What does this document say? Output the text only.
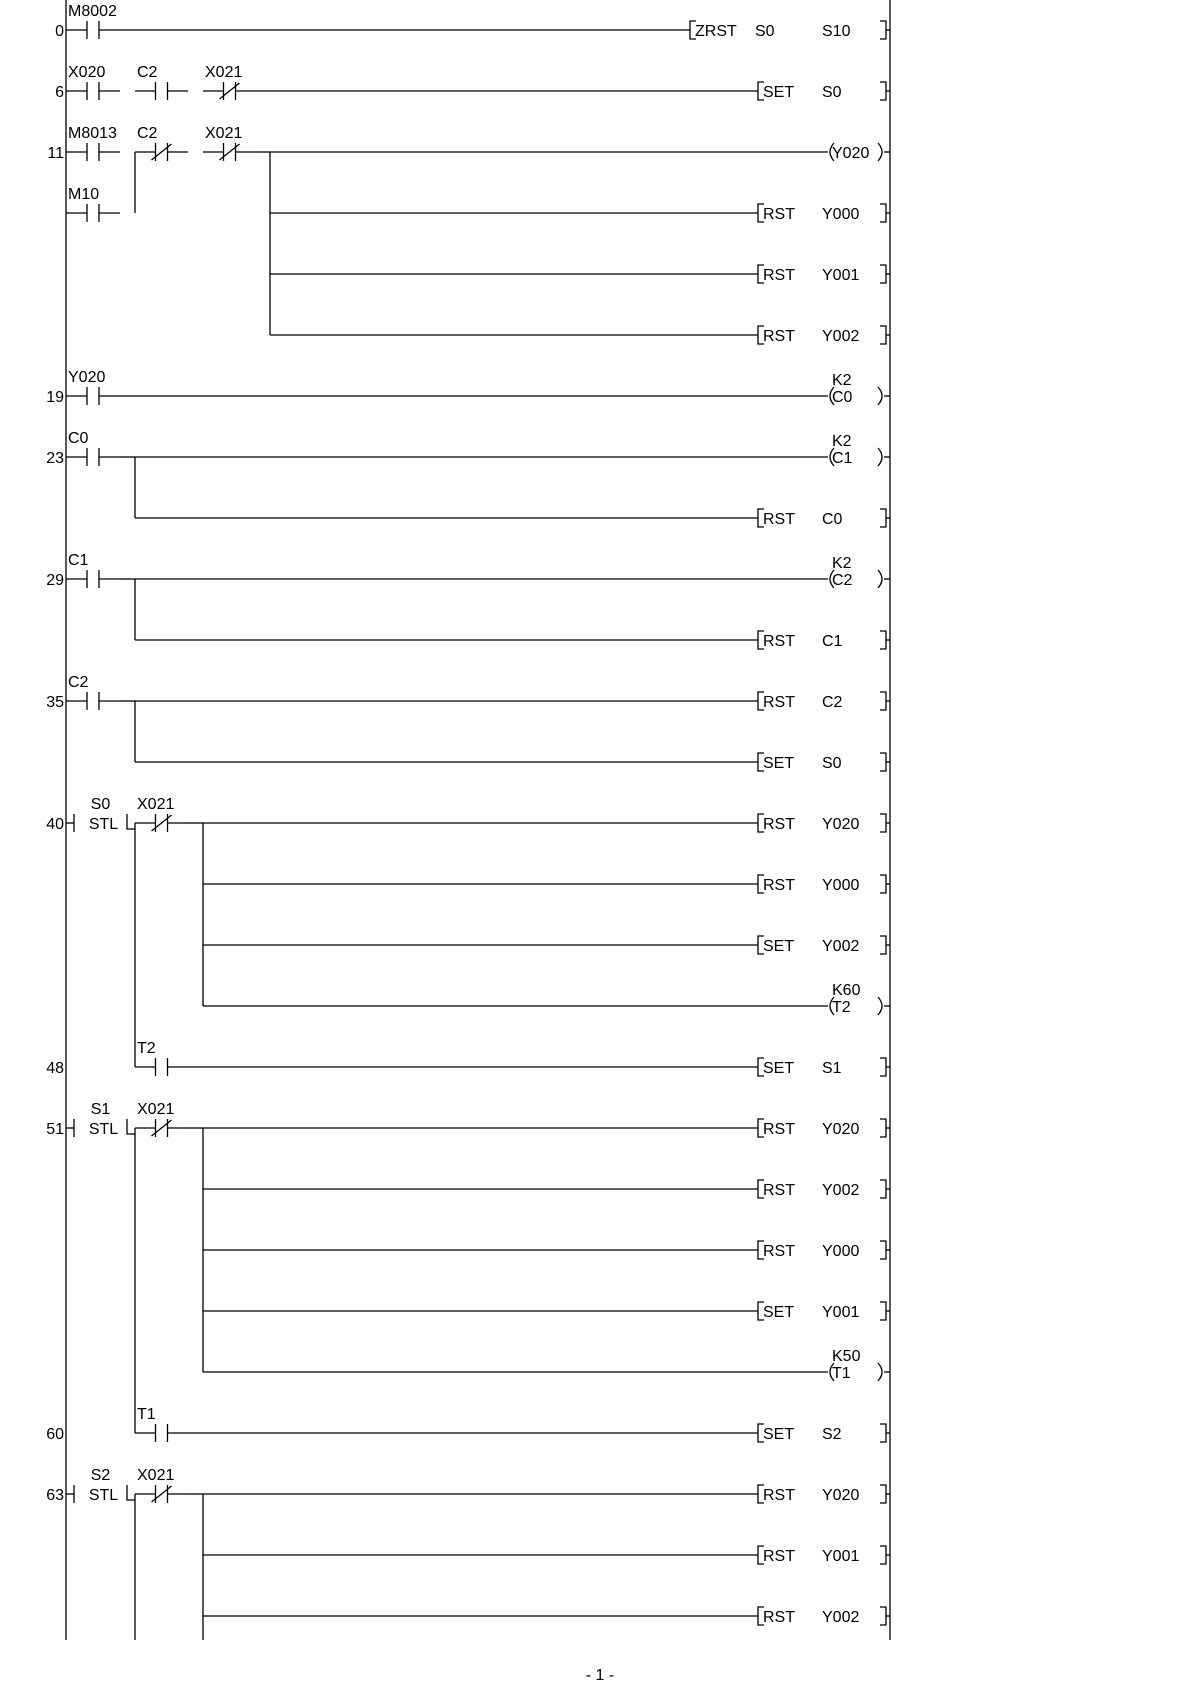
0
M8002
ZRST S0	S10
6
X020 C2	X021
SET S0
11
M8013 C2	X021
M10
Y020
RST Y000
RST Y001
RST Y002
19
Y020
C0
K2
23
C0
C1
K2
RST C0
29
C1
C2
K2
RST C1
35
C2
RST C2
SET S0
40 STL
S0 X021
RST Y020
RST Y000
SET Y002
T2
K60
48
T2
SET S1
51 STL
S1 X021
RST Y020
RST Y002
RST Y000
SET Y001
T1
K50
60
T1
SET S2
63 STL
S2 X021
RST Y020
RST Y001
RST Y002
- 1 -
